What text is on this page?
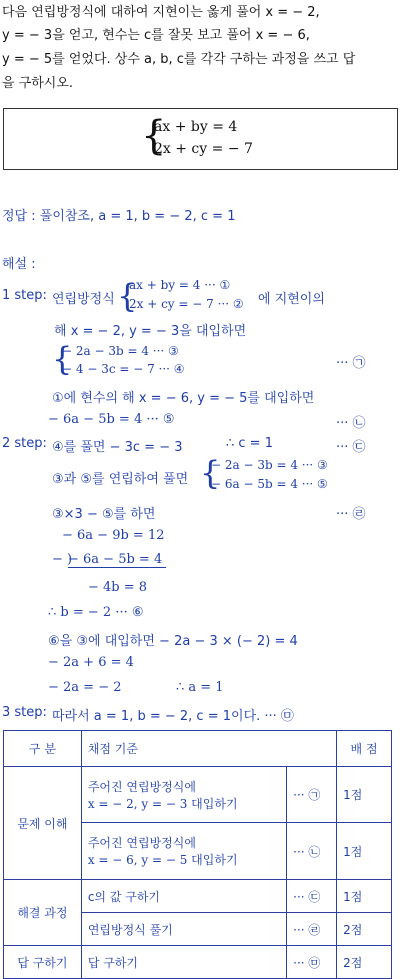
다음 연립방정식에 대하여 지현이는 옳게 풀어 x = − 2,
y = − 3을 얻고, 현수는 c를 잘못 보고 풀어 x = − 6,
y = − 5를 얻었다. 상수 a, b, c를 각각 구하는 과정을 쓰고 답
을 구하시오.
{
ax + by = 4
2x + cy = − 7
정답 : 풀이참조, a = 1, b = − 2, c = 1
해설 :
1 step: 연립방정식 {
ax + by = 4 ··· ①
2x + cy = − 7 ··· ② 에 지현이의
해 x = − 2, y = − 3을 대입하면
{
− 2a − 3b = 4 ··· ③
− 4 − 3c = − 7 ··· ④	··· ㉠
①에 현수의 해 x = − 6, y = − 5를 대입하면
− 6a − 5b = 4 ··· ⑤	··· ㉡
2 step: ④를 풀면 − 3c = − 3	∴ c = 1	··· ㉢
③과 ⑤를 연립하여 풀면 {
− 2a − 3b = 4 ··· ③
− 6a − 5b = 4 ··· ⑤
③×3 − ⑤를 하면	··· ㉣
− 6a − 9b = 12
− )
− 6a − 5b = 4
− 4b = 8
∴ b = − 2 ··· ⑥
⑥을 ③에 대입하면 − 2a − 3 × (− 2) = 4
− 2a + 6 = 4
− 2a = − 2	∴ a = 1
3 step: 따라서 a = 1, b = − 2, c = 1이다. ··· ㉤
구 분	채점 기준		배 점
문제 이해	주어진 연립방정식에
x = − 2, y = − 3 대입하기	··· ㉠	1점

	주어진 연립방정식에
x = − 6, y = − 5 대입하기	··· ㉡	1점
해결 과정	c의 값 구하기	··· ㉢	1점
	연립방정식 풀기	··· ㉣	2점
답 구하기	답 구하기	··· ㉤	2점
